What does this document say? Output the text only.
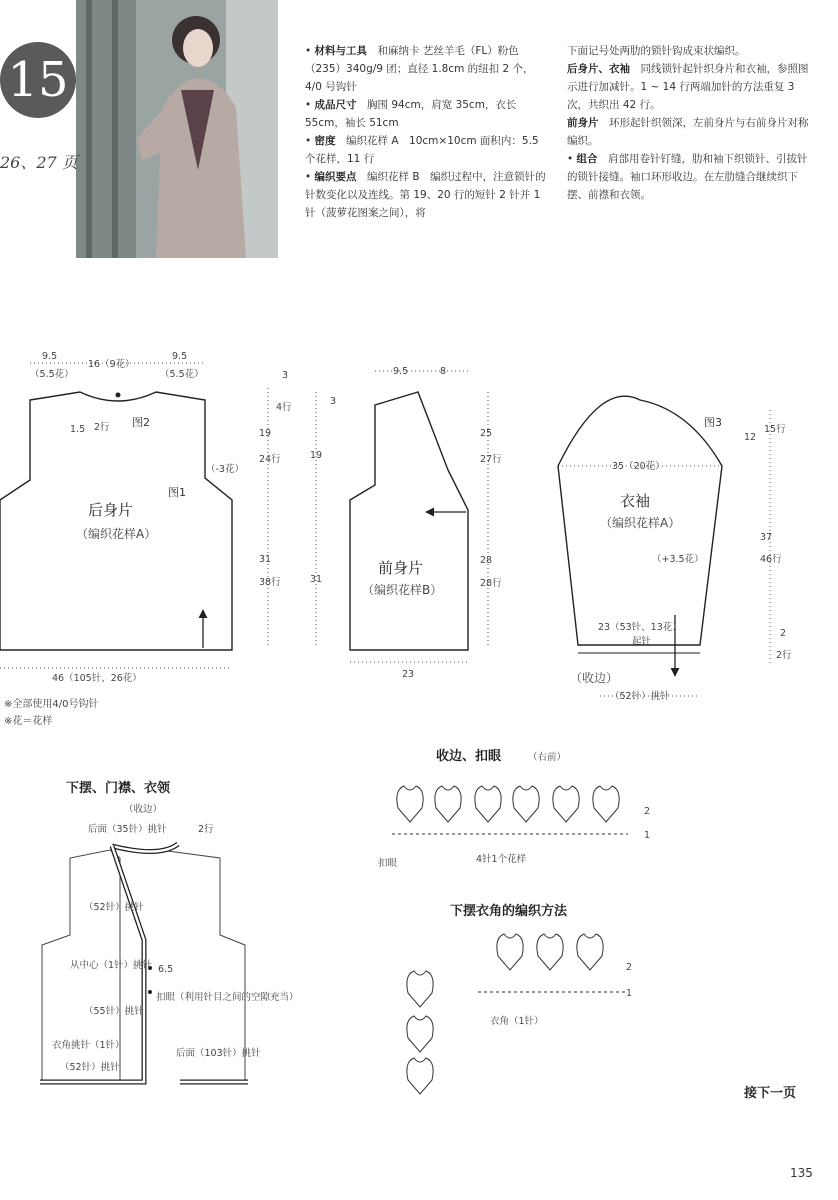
15
26、27 页
• 材料与工具　 和麻纳卡 艺丝羊毛（FL）粉色（235）340g/9 团；直径 1.8cm 的纽扣 2 个，4/0 号钩针
• 成品尺寸　 胸围 94cm，肩宽 35cm，衣长 55cm，袖长 51cm
• 密度　 编织花样 A　10cm×10cm 面积内：5.5 个花样，11 行
• 编织要点　 编织花样 B　编织过程中，注意锁针的针数变化以及连线。第 19、20 行的短针 2 针并 1 针（菠萝花图案之间），将
下面记号处两肋的锁针钩成束状编织。
后身片、衣袖　 同线锁针起针织身片和衣袖，参照图示进行加减针。1 ~ 14 行两端加针的方法重复 3 次，共织出 42 行。
前身片　 环形起针织领深，左前身片与右前身片对称编织。
• 组合　 肩部用卷针钉缝，肋和袖下织锁针、引拔针的锁针接缝。袖口环形收边。在左肋缝合继续织下摆、前襟和衣领。
9.5
（5.5花）
16（9花）
9.5
（5.5花）
1.5 2行 图2
图1
后身片
（编织花样A）
（-3花）
3
4行
19
24行
31
38行
19
31
46（105针、26花）
9.5	8
3
25
27行
28
28行
前身片
（编织花样B）
23
图3
35（20花）
12
15行
衣袖
（编织花样A）
（+3.5花）
37
46行
23（53针、13花）
起针
2
2行
（收边）
（52针）挑针
※全部使用4/0号钩针
※花＝花样
下摆、门襟、衣领
（收边）
后面（35针）挑针	2行
（52针）挑针
从中心（1针）挑针 6.5
扣眼（利用针目之间的空隙充当）
（55针）挑针
衣角挑针（1针）
（52针）挑针
后面（103针）挑针
收边、扣眼	（右前）
2
1
扣眼	4针1个花样
下摆衣角的编织方法
2
1
衣角（1针）
接下一页
135
